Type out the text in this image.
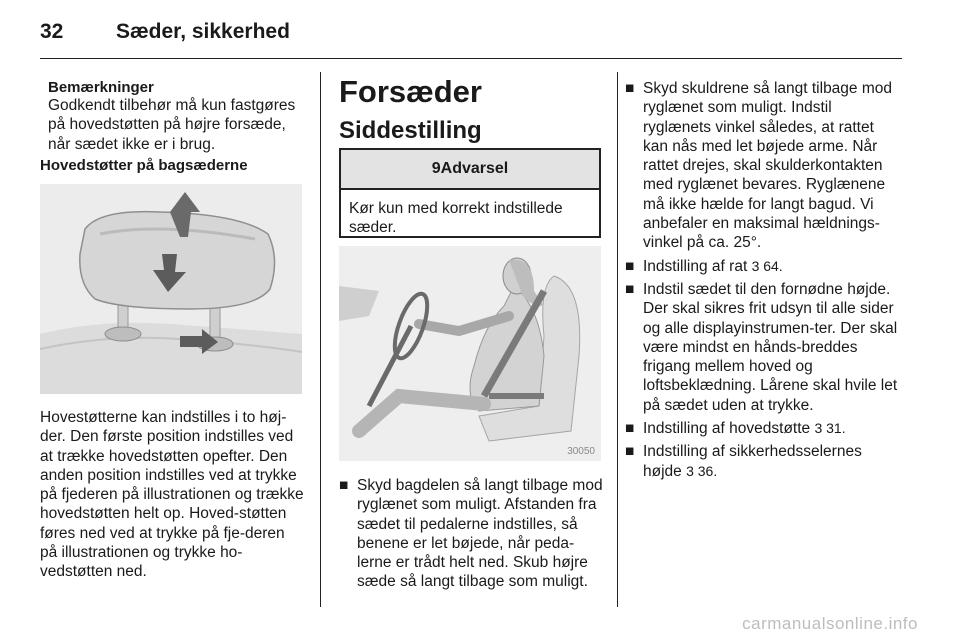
32	Sæder, sikkerhed
Bemærkninger
Godkendt tilbehør må kun fastgøres på hovedstøtten på højre forsæde, når sædet ikke er i brug.
Hovedstøtter på bagsæderne
Hovestøtterne kan indstilles i to høj-der. Den første position indstilles ved at trække hovedstøtten opefter. Den anden position indstilles ved at trykke på fjederen på illustrationen og trække hovedstøtten helt op. Hoved-støtten føres ned ved at trykke på fje-deren på illustrationen og trykke ho-vedstøtten ned.
Forsæder
Siddestilling
9 Advarsel
Kør kun med korrekt indstillede sæder.
30050
■ Skyd bagdelen så langt tilbage mod ryglænet som muligt. Afstanden fra sædet til pedalerne indstilles, så benene er let bøjede, når peda-lerne er trådt helt ned. Skub højre sæde så langt tilbage som muligt.
■ Skyd skuldrene så langt tilbage mod ryglænet som muligt. Indstil ryglænets vinkel således, at rattet kan nås med let bøjede arme. Når rattet drejes, skal skulderkontakten med ryglænet bevares. Ryglænene må ikke hælde for langt bagud. Vi anbefaler en maksimal hældnings-vinkel på ca. 25°.
■ Indstilling af rat 3 64.
■ Indstil sædet til den fornødne højde. Der skal sikres frit udsyn til alle sider og alle displayinstrumen-ter. Der skal være mindst en hånds-breddes frigang mellem hoved og loftsbeklædning. Lårene skal hvile let på sædet uden at trykke.
■ Indstilling af hovedstøtte 3 31.
■ Indstilling af sikkerhedsselernes højde 3 36.
carmanualsonline.info
